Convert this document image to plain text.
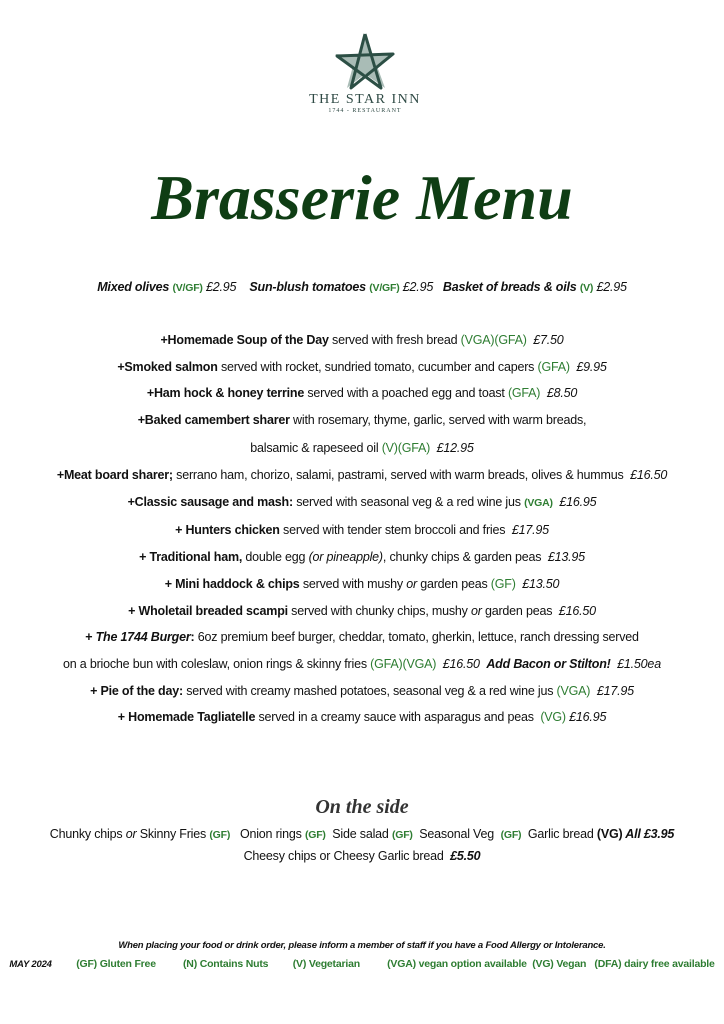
THE STAR INN
1744 - RESTAURANT
Brasserie Menu
Mixed olives (V/GF) £2.95    Sun-blush tomatoes (V/GF) £2.95   Basket of breads & oils (V) £2.95
+Homemade Soup of the Day served with fresh bread (VGA)(GFA)  £7.50
+Smoked salmon served with rocket, sundried tomato, cucumber and capers (GFA)  £9.95
+Ham hock & honey terrine served with a poached egg and toast (GFA)  £8.50
+Baked camembert sharer with rosemary, thyme, garlic, served with warm breads,
balsamic & rapeseed oil (V)(GFA)  £12.95
+Meat board sharer; serrano ham, chorizo, salami, pastrami, served with warm breads, olives & hummus  £16.50
+Classic sausage and mash: served with seasonal veg & a red wine jus (VGA)  £16.95
+ Hunters chicken served with tender stem broccoli and fries  £17.95
+ Traditional ham, double egg (or pineapple), chunky chips & garden peas  £13.95
+ Mini haddock & chips served with mushy or garden peas (GF)  £13.50
+ Wholetail breaded scampi served with chunky chips, mushy or garden peas  £16.50
+ The 1744 Burger: 6oz premium beef burger, cheddar, tomato, gherkin, lettuce, ranch dressing served
on a brioche bun with coleslaw, onion rings & skinny fries (GFA)(VGA)  £16.50  Add Bacon or Stilton!  £1.50ea
+ Pie of the day: served with creamy mashed potatoes, seasonal veg & a red wine jus (VGA)  £17.95
+ Homemade Tagliatelle served in a creamy sauce with asparagus and peas  (VG) £16.95
On the side
Chunky chips or Skinny Fries (GF)   Onion rings (GF)  Side salad (GF)  Seasonal Veg  (GF)  Garlic bread (VG) All £3.95
Cheesy chips or Cheesy Garlic bread  £5.50
When placing your food or drink order, please inform a member of staff if you have a Food Allergy or Intolerance.
MAY 2024         (GF) Gluten Free          (N) Contains Nuts         (V) Vegetarian          (VGA) vegan option available  (VG) Vegan   (DFA) dairy free available
